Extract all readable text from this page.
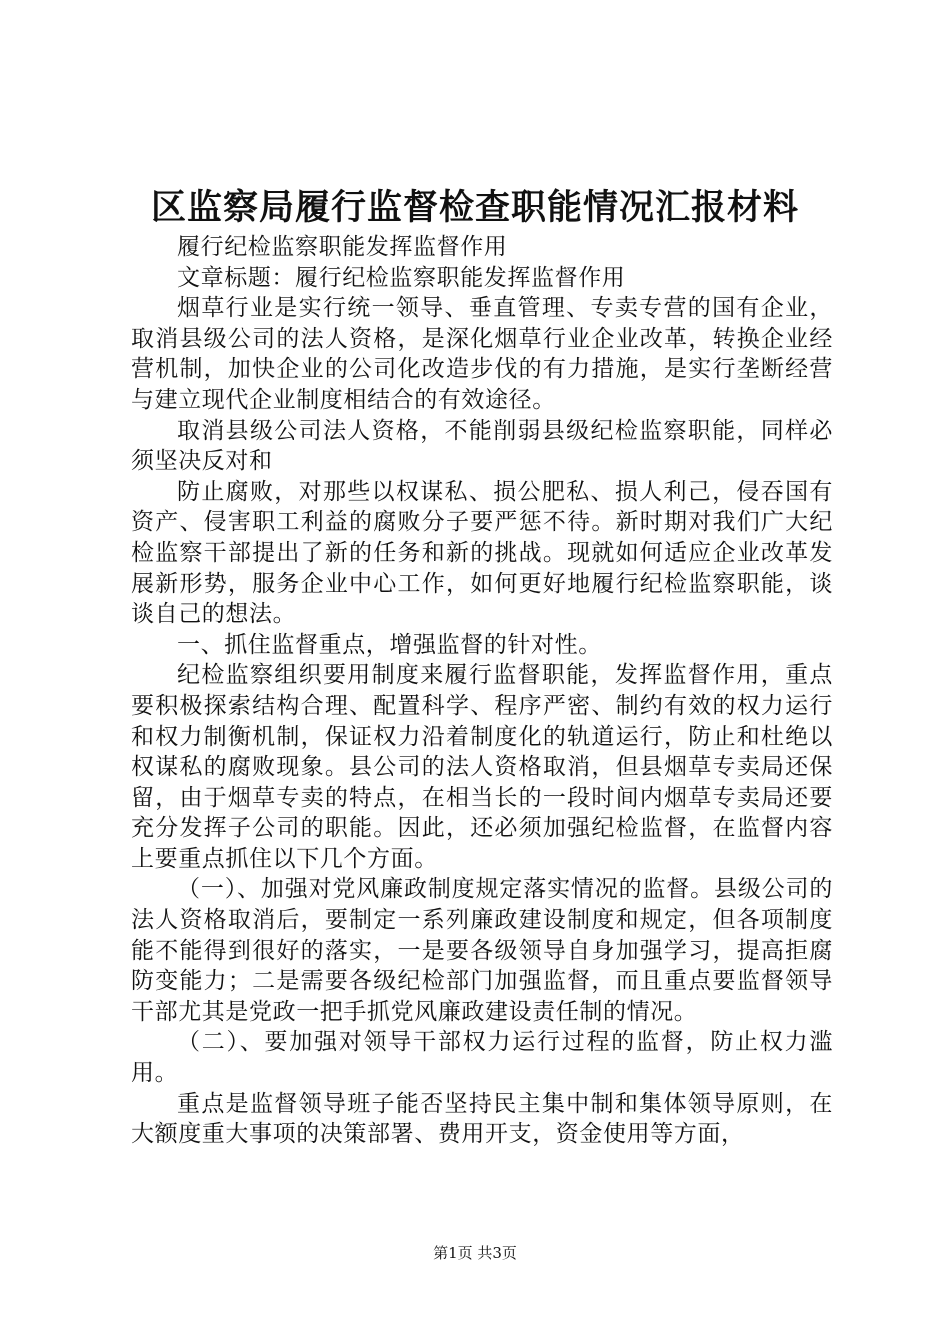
区监察局履行监督检查职能情况汇报材料

履行纪检监察职能发挥监督作用

文章标题：履行纪检监察职能发挥监督作用

烟草行业是实行统一领导、垂直管理、专卖专营的国有企业，取消县级公司的法人资格，是深化烟草行业企业改革，转换企业经营机制，加快企业的公司化改造步伐的有力措施，是实行垄断经营与建立现代企业制度相结合的有效途径。

取消县级公司法人资格，不能削弱县级纪检监察职能，同样必须坚决反对和

防止腐败，对那些以权谋私、损公肥私、损人利己，侵吞国有资产、侵害职工利益的腐败分子要严惩不待。新时期对我们广大纪检监察干部提出了新的任务和新的挑战。现就如何适应企业改革发展新形势，服务企业中心工作，如何更好地履行纪检监察职能，谈谈自己的想法。

一、抓住监督重点，增强监督的针对性。

纪检监察组织要用制度来履行监督职能，发挥监督作用，重点要积极探索结构合理、配置科学、程序严密、制约有效的权力运行和权力制衡机制，保证权力沿着制度化的轨道运行，防止和杜绝以权谋私的腐败现象。县公司的法人资格取消，但县烟草专卖局还保留，由于烟草专卖的特点，在相当长的一段时间内烟草专卖局还要充分发挥子公司的职能。因此，还必须加强纪检监督，在监督内容上要重点抓住以下几个方面。

（一）、加强对党风廉政制度规定落实情况的监督。县级公司的法人资格取消后，要制定一系列廉政建设制度和规定，但各项制度能不能得到很好的落实，一是要各级领导自身加强学习，提高拒腐防变能力；二是需要各级纪检部门加强监督，而且重点要监督领导干部尤其是党政一把手抓党风廉政建设责任制的情况。

（二）、要加强对领导干部权力运行过程的监督，防止权力滥用。

重点是监督领导班子能否坚持民主集中制和集体领导原则，在大额度重大事项的决策部署、费用开支，资金使用等方面，

第1页 共3页
